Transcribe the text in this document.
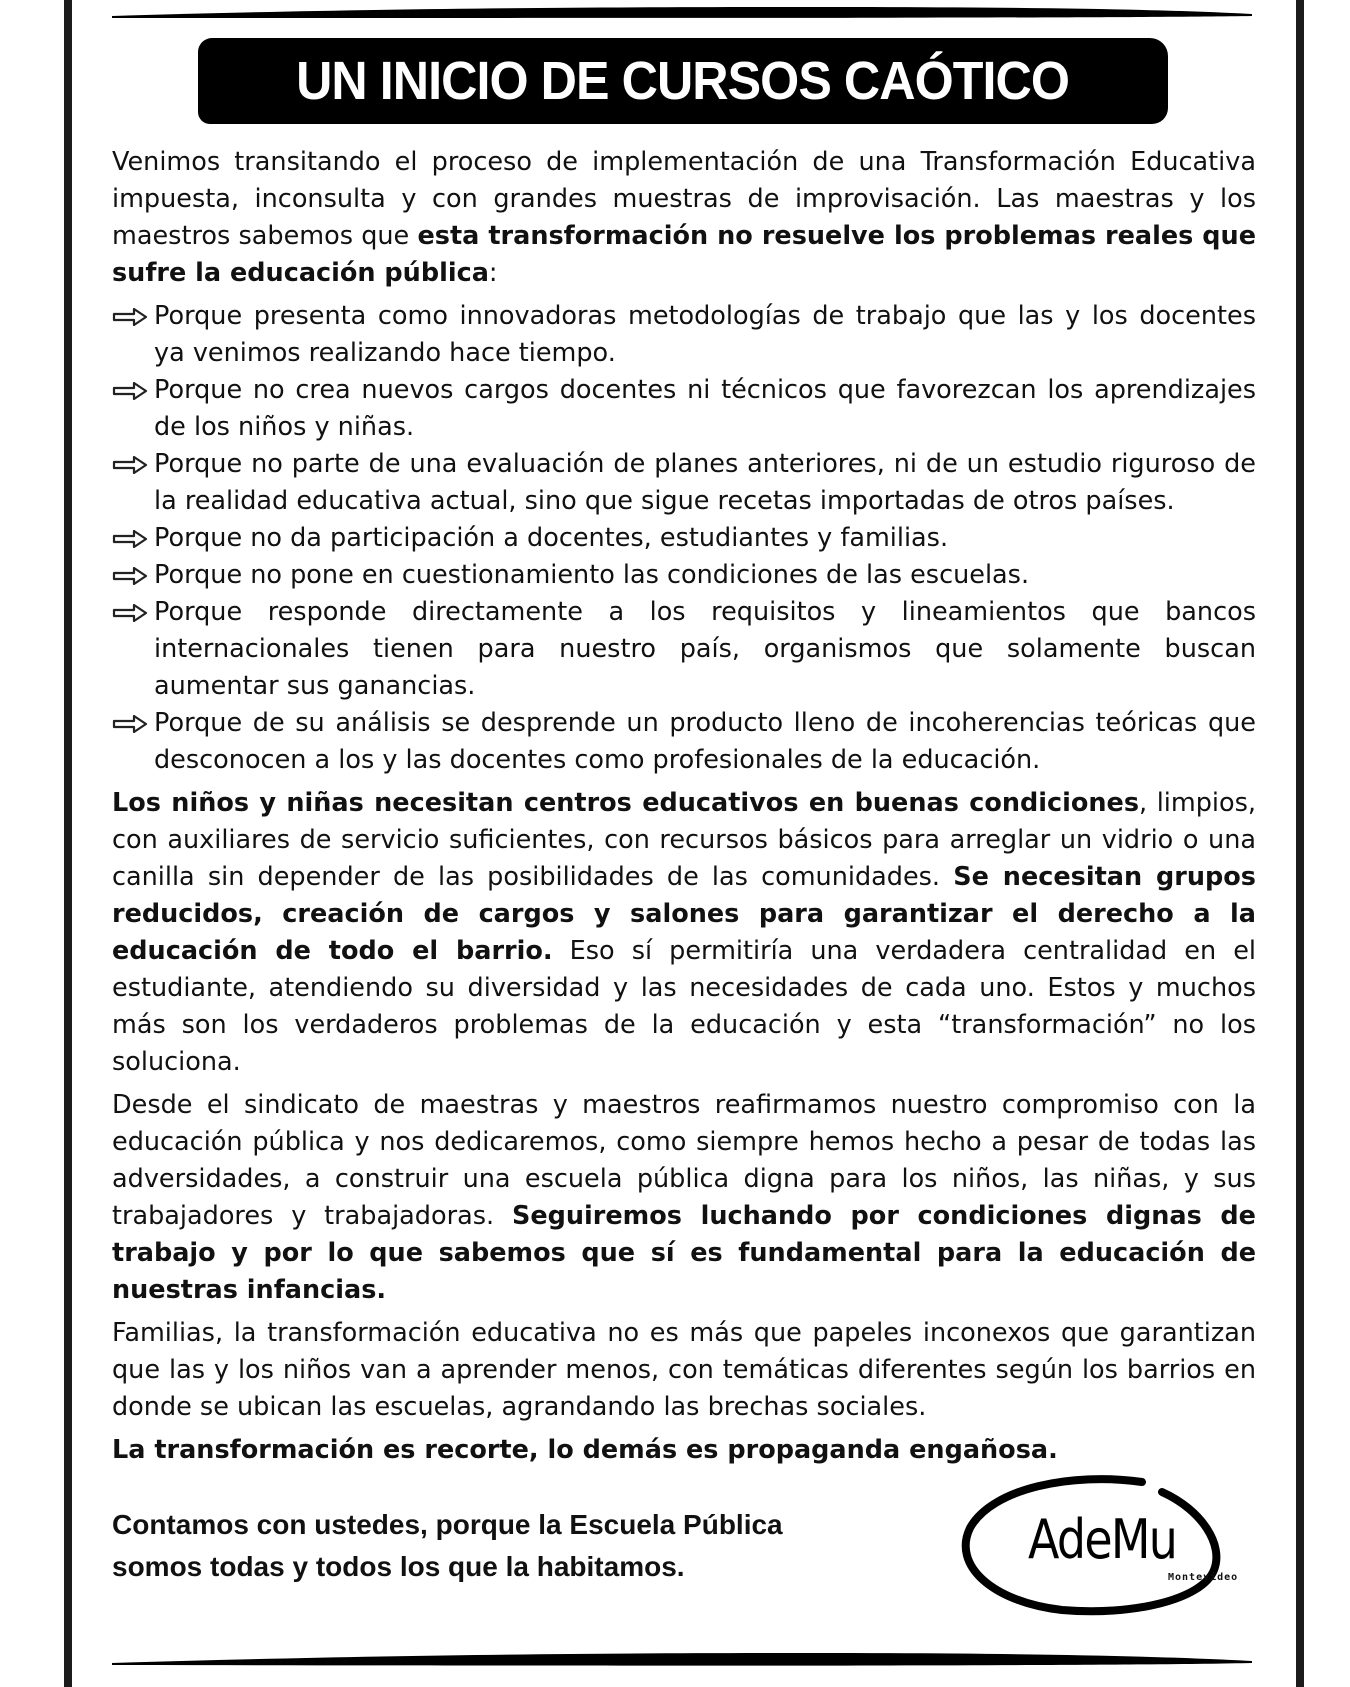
UN INICIO DE CURSOS CAÓTICO

Venimos transitando el proceso de implementación de una Transformación Educativa impuesta, inconsulta y con grandes muestras de improvisación. Las maestras y los maestros sabemos que esta transformación no resuelve los problemas reales que sufre la educación pública:

Porque presenta como innovadoras metodologías de trabajo que las y los docentes ya venimos realizando hace tiempo.
Porque no crea nuevos cargos docentes ni técnicos que favorezcan los aprendizajes de los niños y niñas.
Porque no parte de una evaluación de planes anteriores, ni de un estudio riguroso de la realidad educativa actual, sino que sigue recetas importadas de otros países.
Porque no da participación a docentes, estudiantes y familias.
Porque no pone en cuestionamiento las condiciones de las escuelas.
Porque responde directamente a los requisitos y lineamientos que bancos internacionales tienen para nuestro país, organismos que solamente buscan aumentar sus ganancias.
Porque de su análisis se desprende un producto lleno de incoherencias teóricas que desconocen a los y las docentes como profesionales de la educación.

Los niños y niñas necesitan centros educativos en buenas condiciones, limpios, con auxiliares de servicio suficientes, con recursos básicos para arreglar un vidrio o una canilla sin depender de las posibilidades de las comunidades. Se necesitan grupos reducidos, creación de cargos y salones para garantizar el derecho a la educación de todo el barrio. Eso sí permitiría una verdadera centralidad en el estudiante, atendiendo su diversidad y las necesidades de cada uno. Estos y muchos más son los verdaderos problemas de la educación y esta “transformación” no los soluciona.

Desde el sindicato de maestras y maestros reafirmamos nuestro compromiso con la educación pública y nos dedicaremos, como siempre hemos hecho a pesar de todas las adversidades, a construir una escuela pública digna para los niños, las niñas, y sus trabajadores y trabajadoras. Seguiremos luchando por condiciones dignas de trabajo y por lo que sabemos que sí es fundamental para la educación de nuestras infancias.

Familias, la transformación educativa no es más que papeles inconexos que garantizan que las y los niños van a aprender menos, con temáticas diferentes según los barrios en donde se ubican las escuelas, agrandando las brechas sociales.

La transformación es recorte, lo demás es propaganda engañosa.

Contamos con ustedes, porque la Escuela Pública
somos todas y todos los que la habitamos.	AdeMu
Montevideo
